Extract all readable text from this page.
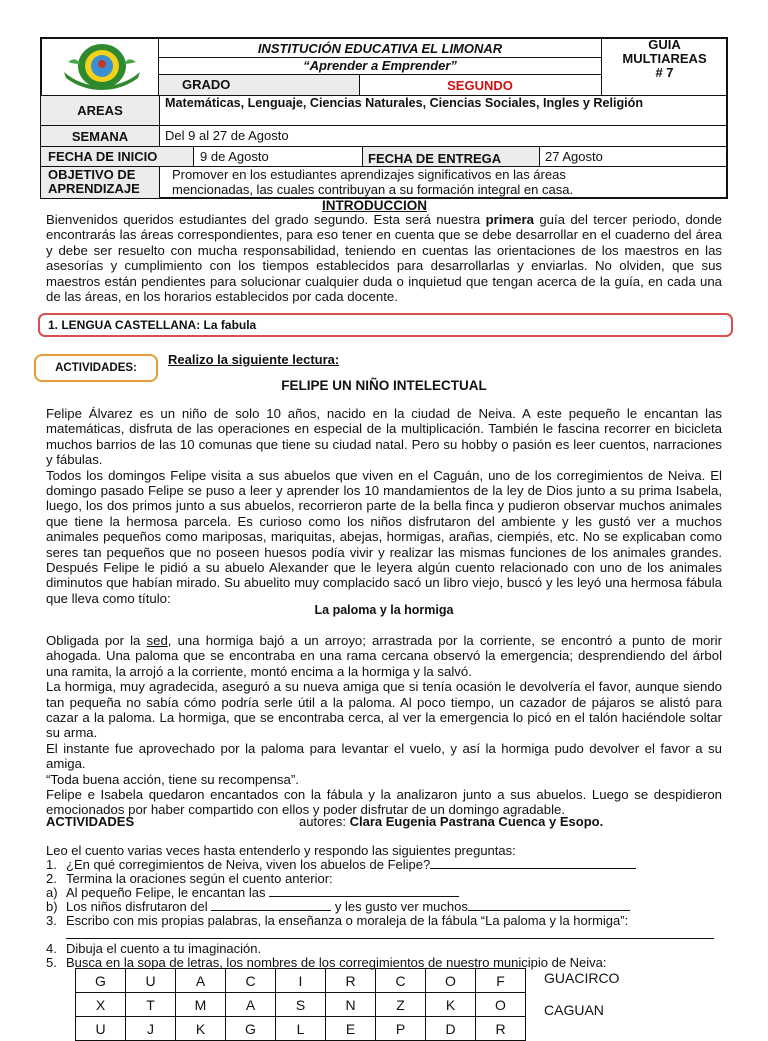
INSTITUCIÓN EDUCATIVA EL LIMONAR
“Aprender a Emprender”
GRADO	SEGUNDO
GUIA
MULTIAREAS
# 7
AREAS	Matemáticas, Lenguaje, Ciencias Naturales, Ciencias Sociales, Ingles y Religión
SEMANA	Del 9 al 27 de Agosto
FECHA DE INICIO	9 de Agosto	FECHA DE ENTREGA	27 Agosto
OBJETIVO DE
APRENDIZAJE
Promover en los estudiantes aprendizajes significativos en las áreas mencionadas, las cuales contribuyan a su formación integral en casa.
INTRODUCCION

Bienvenidos queridos estudiantes del grado segundo. Esta será nuestra primera guía del tercer periodo, donde encontrarás las áreas correspondientes, para eso tener en cuenta que se debe desarrollar en el cuaderno del área y debe ser resuelto con mucha responsabilidad, teniendo en cuentas las orientaciones de los maestros en las asesorías y cumplimiento con los tiempos establecidos para desarrollarlas y enviarlas. No olviden, que sus maestros están pendientes para solucionar cualquier duda o inquietud que tengan acerca de la guía, en cada una de las áreas, en los horarios establecidos por cada docente.

1. LENGUA CASTELLANA: La fabula
ACTIVIDADES:
Realizo la siguiente lectura:
FELIPE UN NIÑO INTELECTUAL

Felipe Álvarez es un niño de solo 10 años, nacido en la ciudad de Neiva. A este pequeño le encantan las matemáticas, disfruta de las operaciones en especial de la multiplicación. También le fascina recorrer en bicicleta muchos barrios de las 10 comunas que tiene su ciudad natal. Pero su hobby o pasión es leer cuentos, narraciones y fábulas.

Todos los domingos Felipe visita a sus abuelos que viven en el Caguán, uno de los corregimientos de Neiva. El domingo pasado Felipe se puso a leer y aprender los 10 mandamientos de la ley de Dios junto a su prima Isabela, luego, los dos primos junto a sus abuelos, recorrieron parte de la bella finca y pudieron observar muchos animales que tiene la hermosa parcela. Es curioso como los niños disfrutaron del ambiente y les gustó ver a muchos animales pequeños como mariposas, mariquitas, abejas, hormigas, arañas, ciempiés, etc. No se explicaban como seres tan pequeños que no poseen huesos podía vivir y realizar las mismas funciones de los animales grandes. Después Felipe le pidió a su abuelo Alexander que le leyera algún cuento relacionado con uno de los animales diminutos que habían mirado. Su abuelito muy complacido sacó un libro viejo, buscó y les leyó una hermosa fábula que lleva como título:

La paloma y la hormiga

Obligada por la sed, una hormiga bajó a un arroyo; arrastrada por la corriente, se encontró a punto de morir ahogada. Una paloma que se encontraba en una rama cercana observó la emergencia; desprendiendo del árbol una ramita, la arrojó a la corriente, montó encima a la hormiga y la salvó.

La hormiga, muy agradecida, aseguró a su nueva amiga que si tenía ocasión le devolvería el favor, aunque siendo tan pequeña no sabía cómo podría serle útil a la paloma. Al poco tiempo, un cazador de pájaros se alistó para cazar a la paloma. La hormiga, que se encontraba cerca, al ver la emergencia lo picó en el talón haciéndole soltar su arma.

El instante fue aprovechado por la paloma para levantar el vuelo, y así la hormiga pudo devolver el favor a su amiga.

“Toda buena acción, tiene su recompensa”.

Felipe e Isabela quedaron encantados con la fábula y la analizaron junto a sus abuelos. Luego se despidieron emocionados por haber compartido con ellos y poder disfrutar de un domingo agradable.

ACTIVIDADES	autores: Clara Eugenia Pastrana Cuenca y Esopo.
Leo el cuento varias veces hasta entenderlo y respondo las siguientes preguntas:
1. ¿En qué corregimientos de Neiva, viven los abuelos de Felipe?
2. Termina la oraciones según el cuento anterior:
a) Al pequeño Felipe, le encantan las
b) Los niños disfrutaron del	y les gusto ver muchos
3. Escribo con mis propias palabras, la enseñanza o moraleja de la fábula “La paloma y la hormiga”:
4. Dibuja el cuento a tu imaginación.
5. Busca en la sopa de letras, los nombres de los corregimientos de nuestro municipio de Neiva:
G	U	A	C	I	R	C	O	F
X	T	M	A	S	N	Z	K	O
U	J	K	G	L	E	P	D	R
GUACIRCO
CAGUAN
